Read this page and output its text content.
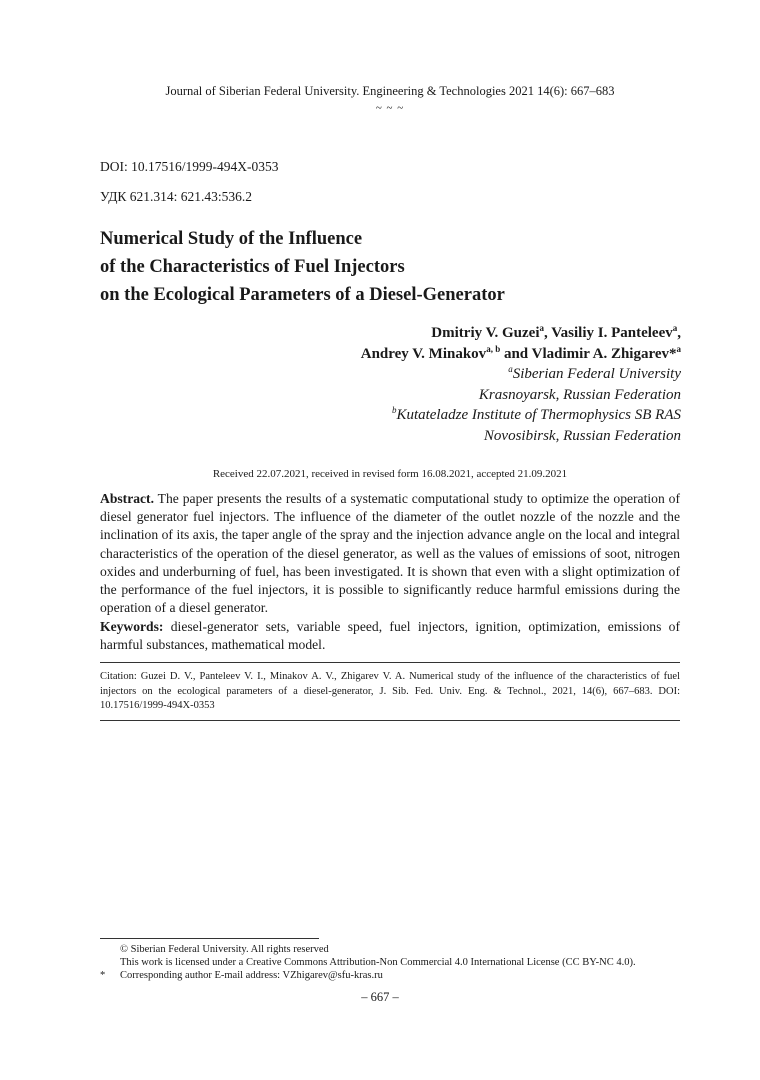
Journal of Siberian Federal University. Engineering & Technologies 2021 14(6): 667–683
~ ~ ~
DOI: 10.17516/1999-494X-0353
УДК 621.314: 621.43:536.2
Numerical Study of the Influence
of the Characteristics of Fuel Injectors
on the Ecological Parameters of a Diesel-Generator
Dmitriy V. Guzei$^a$, Vasiliy I. Panteleev$^a$,
Andrey V. Minakov$^{a, b}$ and Vladimir A. Zhigarev*$^a$
$^a$Siberian Federal University
Krasnoyarsk, Russian Federation
$^b$Kutateladze Institute of Thermophysics SB RAS
Novosibirsk, Russian Federation
Received 22.07.2021, received in revised form 16.08.2021, accepted 21.09.2021
Abstract. The paper presents the results of a systematic computational study to optimize the operation of diesel generator fuel injectors. The influence of the diameter of the outlet nozzle of the nozzle and the inclination of its axis, the taper angle of the spray and the injection advance angle on the local and integral characteristics of the operation of the diesel generator, as well as the values of emissions of soot, nitrogen oxides and underburning of fuel, has been investigated. It is shown that even with a slight optimization of the performance of the fuel injectors, it is possible to significantly reduce harmful emissions during the operation of a diesel generator.
Keywords: diesel-generator sets, variable speed, fuel injectors, ignition, optimization, emissions of harmful substances, mathematical model.
Citation: Guzei D. V., Panteleev V. I., Minakov A. V., Zhigarev V. A. Numerical study of the influence of the characteristics of fuel injectors on the ecological parameters of a diesel-generator, J. Sib. Fed. Univ. Eng. & Technol., 2021, 14(6), 667–683. DOI: 10.17516/1999-494X-0353
© Siberian Federal University. All rights reserved
This work is licensed under a Creative Commons Attribution-Non Commercial 4.0 International License (CC BY-NC 4.0).
* Corresponding author E-mail address: VZhigarev@sfu-kras.ru
– 667 –
